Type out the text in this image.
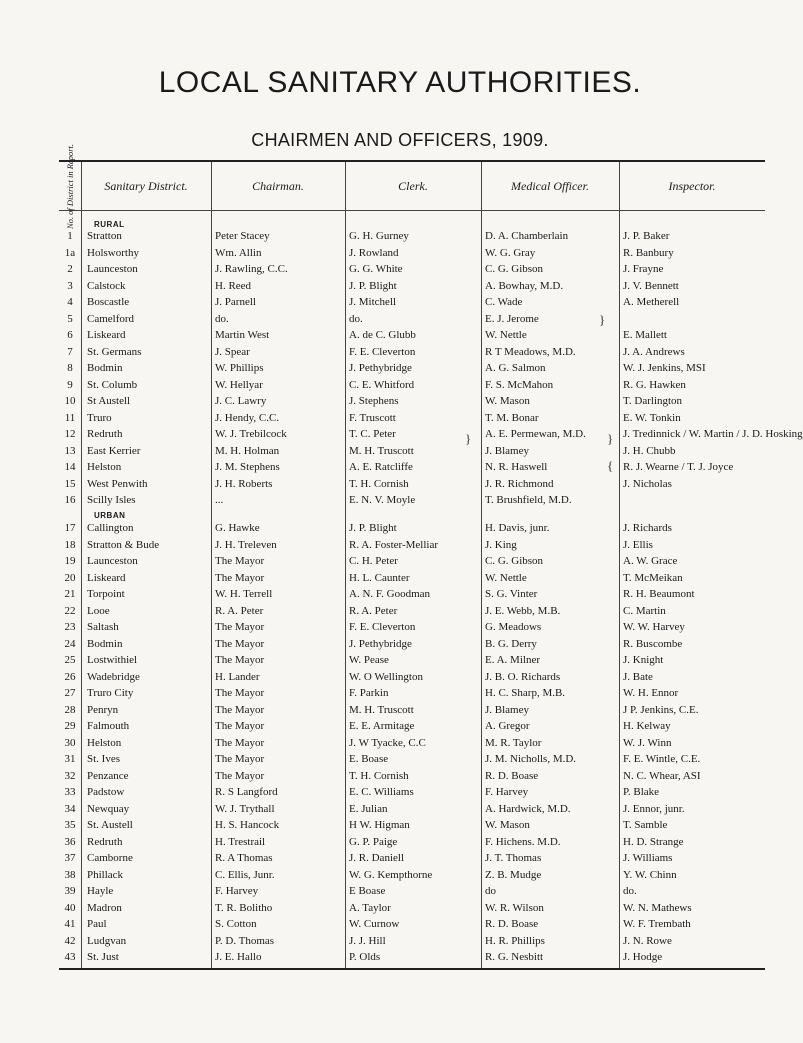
LOCAL SANITARY AUTHORITIES.
CHAIRMEN AND OFFICERS, 1909.
No. of District in Report.	Sanitary District.	Chairman.	Clerk.	Medical Officer.	Inspector.
RURAL
1	Stratton	Peter Stacey	G. H. Gurney	D. A. Chamberlain	J. P. Baker
1a	Holsworthy	Wm. Allin	J. Rowland	W. G. Gray	R. Banbury
2	Launceston	J. Rawling, C.C.	G. G. White	C. G. Gibson	J. Frayne
3	Calstock	H. Reed	J. P. Blight	A. Bowhay, M.D.	J. V. Bennett
4	Boscastle	J. Parnell	J. Mitchell	C. Wade	A. Metherell
5	Camelford	do.	do.	E. J. Jerome
6	Liskeard	Martin West	A. de C. Glubb	W. Nettle	E. Mallett
7	St. Germans	J. Spear	F. E. Cleverton	R T Meadows, M.D.	J. A. Andrews
8	Bodmin	W. Phillips	J. Pethybridge	A. G. Salmon	W. J. Jenkins, MSI
9	St. Columb	W. Hellyar	C. E. Whitford	F. S. McMahon	R. G. Hawken
10	St Austell	J. C. Lawry	J. Stephens	W. Mason	T. Darlington
11	Truro	J. Hendy, C.C.	F. Truscott	T. M. Bonar	E. W. Tonkin
12	Redruth	W. J. Trebilcock	T. C. Peter	A. E. Permewan, M.D.	J. Tredinnick / W. Martin / J. D. Hosking
13	East Kerrier	M. H. Holman	M. H. Truscott	J. Blamey	J. H. Chubb
14	Helston	J. M. Stephens	A. E. Ratcliffe	N. R. Haswell	R. J. Wearne / T. J. Joyce
15	West Penwith	J. H. Roberts	T. H. Cornish	J. R. Richmond	J. Nicholas
16	Scilly Isles	...	E. N. V. Moyle	T. Brushfield, M.D.
URBAN
17	Callington	G. Hawke	J. P. Blight	H. Davis, junr.	J. Richards
18	Stratton & Bude	J. H. Treleven	R. A. Foster-Melliar	J. King	J. Ellis
19	Launceston	The Mayor	C. H. Peter	C. G. Gibson	A. W. Grace
20	Liskeard	The Mayor	H. L. Caunter	W. Nettle	T. McMeikan
21	Torpoint	W. H. Terrell	A. N. F. Goodman	S. G. Vinter	R. H. Beaumont
22	Looe	R. A. Peter	R. A. Peter	J. E. Webb, M.B.	C. Martin
23	Saltash	The Mayor	F. E. Cleverton	G. Meadows	W. W. Harvey
24	Bodmin	The Mayor	J. Pethybridge	B. G. Derry	R. Buscombe
25	Lostwithiel	The Mayor	W. Pease	E. A. Milner	J. Knight
26	Wadebridge	H. Lander	W. O Wellington	J. B. O. Richards	J. Bate
27	Truro City	The Mayor	F. Parkin	H. C. Sharp, M.B.	W. H. Ennor
28	Penryn	The Mayor	M. H. Truscott	J. Blamey	J P. Jenkins, C.E.
29	Falmouth	The Mayor	E. E. Armitage	A. Gregor	H. Kelway
30	Helston	The Mayor	J. W Tyacke, C.C	M. R. Taylor	W. J. Winn
31	St. Ives	The Mayor	E. Boase	J. M. Nicholls, M.D.	F. E. Wintle, C.E.
32	Penzance	The Mayor	T. H. Cornish	R. D. Boase	N. C. Whear, ASI
33	Padstow	R. S Langford	E. C. Williams	F. Harvey	P. Blake
34	Newquay	W. J. Trythall	E. Julian	A. Hardwick, M.D.	J. Ennor, junr.
35	St. Austell	H. S. Hancock	H W. Higman	W. Mason	T. Samble
36	Redruth	H. Trestrail	G. P. Paige	F. Hichens. M.D.	H. D. Strange
37	Camborne	R. A Thomas	J. R. Daniell	J. T. Thomas	J. Williams
38	Phillack	C. Ellis, Junr.	W. G. Kempthorne	Z. B. Mudge	Y. W. Chinn
39	Hayle	F. Harvey	E Boase	do	do.
40	Madron	T. R. Bolitho	A. Taylor	W. R. Wilson	W. N. Mathews
41	Paul	S. Cotton	W. Curnow	R. D. Boase	W. F. Trembath
42	Ludgvan	P. D. Thomas	J. J. Hill	H. R. Phillips	J. N. Rowe
43	St. Just	J. E. Hallo	P. Olds	R. G. Nesbitt	J. Hodge
}
}	}
{
